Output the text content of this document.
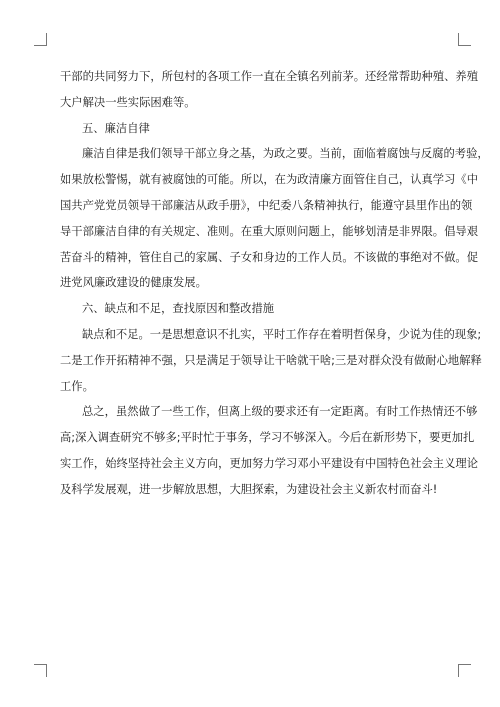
干部的共同努力下，所包村的各项工作一直在全镇名列前茅。还经常帮助种殖、养殖
大户解决一些实际困难等。
五、廉洁自律
廉洁自律是我们领导干部立身之基，为政之要。当前，面临着腐蚀与反腐的考验，
如果放松警惕，就有被腐蚀的可能。所以，在为政清廉方面管住自己，认真学习《中
国共产党党员领导干部廉洁从政手册》，中纪委八条精神执行，能遵守县里作出的领
导干部廉洁自律的有关规定、准则。在重大原则问题上，能够划清是非界限。倡导艰
苦奋斗的精神，管住自己的家属、子女和身边的工作人员。不该做的事绝对不做。促
进党风廉政建设的健康发展。
六、缺点和不足，查找原因和整改措施
缺点和不足。一是思想意识不扎实，平时工作存在着明哲保身，少说为佳的现象;
二是工作开拓精神不强，只是满足于领导让干啥就干啥;三是对群众没有做耐心地解释
工作。
总之，虽然做了一些工作，但离上级的要求还有一定距离。有时工作热情还不够
高;深入调查研究不够多;平时忙于事务，学习不够深入。今后在新形势下，要更加扎
实工作，始终坚持社会主义方向，更加努力学习邓小平建设有中国特色社会主义理论
及科学发展观，进一步解放思想，大胆探索，为建设社会主义新农村而奋斗!
